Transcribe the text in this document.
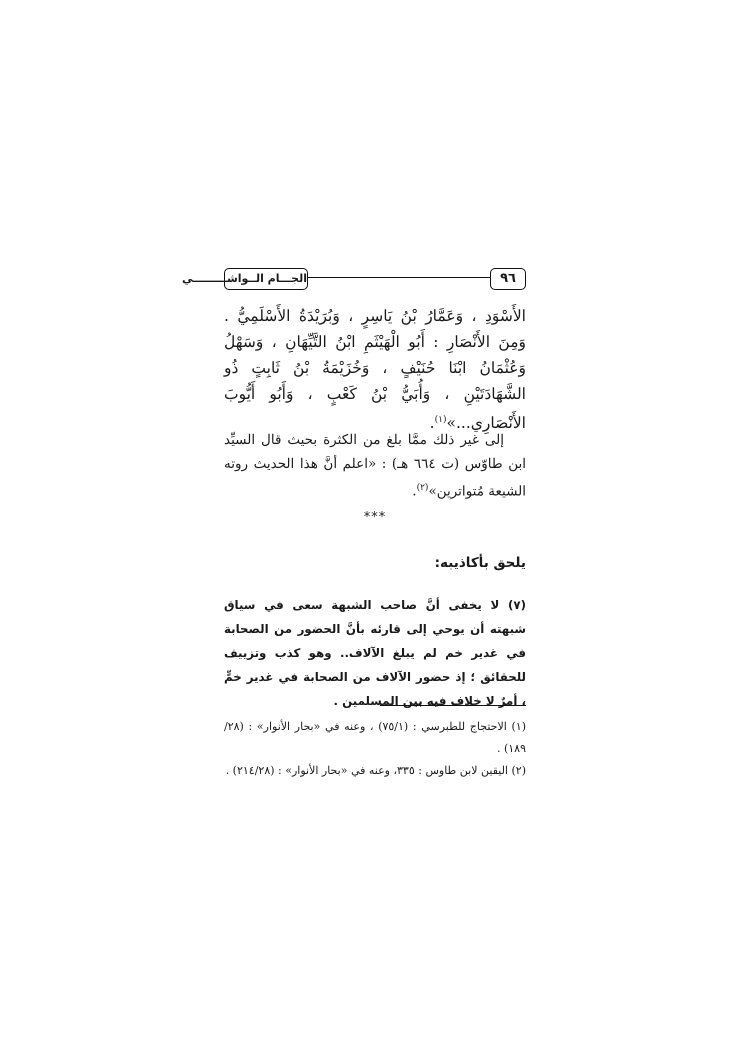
٩٦
الجـــام الــواشـــــــــي
الأَسْوَدِ ، وَعَمَّارُ بْنُ يَاسِرٍ ، وَبُرَيْدَةُ الأَسْلَمِيُّ . وَمِنَ الأَنْصَارِ : أَبُو الْهَيْثَمِ ابْنُ التَّيِّهَانِ ، وَسَهْلُ وَعُثْمَانُ ابْنَا حُنَيْفٍ ، وَخُزَيْمَةُ بْنُ ثَابِتٍ ذُو الشَّهَادَتَيْنِ ، وَأُبَيُّ بْنُ كَعْبٍ ، وَأَبُو أَيُّوبَ الأَنْصَارِي...»$^{(١)}$.
إلى غير ذلك ممَّا بلغ من الكثرة بحيث قال السيِّد ابن طاوّس (ت ٦٦٤ هـ) : «اعلم أنَّ هذا الحديث روته الشيعة مُتواترين»$^{(٢)}$.
***
يلحق بأكاذيبه:
(٧) لا يخفى أنَّ صاحب الشبهة سعى في سياق شبهته أن يوحي إلى قارئه بأنَّ الحضور من الصحابة في غدير خم لم يبلغ الآلاف.. وهو كذب وتزييف للحقائق ؛ إذ حضور الآلاف من الصحابة في غدير خمٍّ ، أمرٌ لا خلاف فيه بين المسلمين .
(١) الاحتجاج للطبرسي : (٧٥/١) ، وعنه في «بحار الأنوار» : (٢٨/ ١٨٩) .
(٢) اليقين لابن طاوس : ٣٣٥، وعنه في «بحار الأنوار» : (٢١٤/٢٨) .
